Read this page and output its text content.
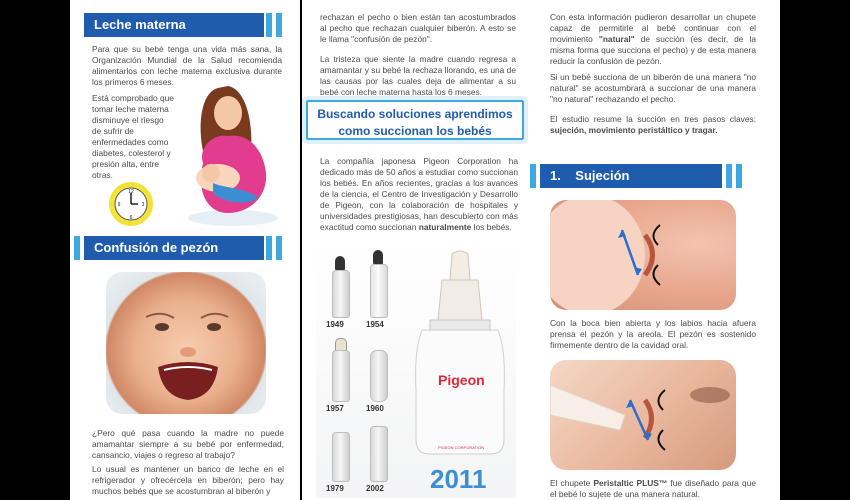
Leche materna
Para que su bebé tenga una vida más sana, la Organización Mundial de la Salud recomienda alimentarlos con leche materna exclusiva durante los primeros 6 meses.
Está comprobado que tomar leche materna disminuye el riesgo de sufrir de enfermedades como diabetes, colesterol y presión alta, entre otras.
12
3
6
9
Confusión de pezón
¿Pero qué pasa cuando la madre no puede amamantar siempre a su bebé por enfermedad, cansancio, viajes o regreso al trabajo?
Lo usual es mantener un banco de leche en el refrigerador y ofrecércela en biberón; pero hay muchos bebés que se acostumbran al biberón y
rechazan el pecho o bien están tan acostumbrados al pecho que rechazan cualquier biberón. A esto se le llama "confusión de pezón".
La tristeza que siente la madre cuando regresa a amamantar y su bebé la rechaza llorando, es una de las causas por las cuales deja de alimentar a su bebé con leche materna hasta los 6 meses.
Buscando soluciones aprendimos
como succionan los bebés
La compañía japonesa Pigeon Corporation ha dedicado más de 50 años a estudiar como succionan los bebés. En años recientes, gracias a los avances de la ciencia, el Centro de Investigación y Desarrollo de Pigeon, con la colaboración de hospitales y universidades prestigiosas, han descubierto con más exactitud como succionan naturalmente los bebés.
1949	1954
1957	1960
1979	2002
Pigeon
PIGEON CORPORATION
2011
Con esta información pudieron desarrollar un chupete capaz de permitirle al bebé continuar con el movimiento "natural" de succión (es decir, de la misma forma que succiona el pecho) y de esta manera reducir la confusión de pezón.
Si un bebé succiona de un biberón de una manera "no natural" se acostumbrará a succionar de una manera "no natural" rechazando el pecho.
El estudio resume la succión en tres pasos claves: sujeción, movimiento peristáltico y tragar.
1.    Sujeción
Con la boca bien abierta y los labios hacia afuera prensa el pezón y la areola. El pezón es sostenido firmemente dentro de la cavidad oral.
El chupete Peristaltic PLUS™ fue diseñado para que el bebé lo sujete de una manera natural.
